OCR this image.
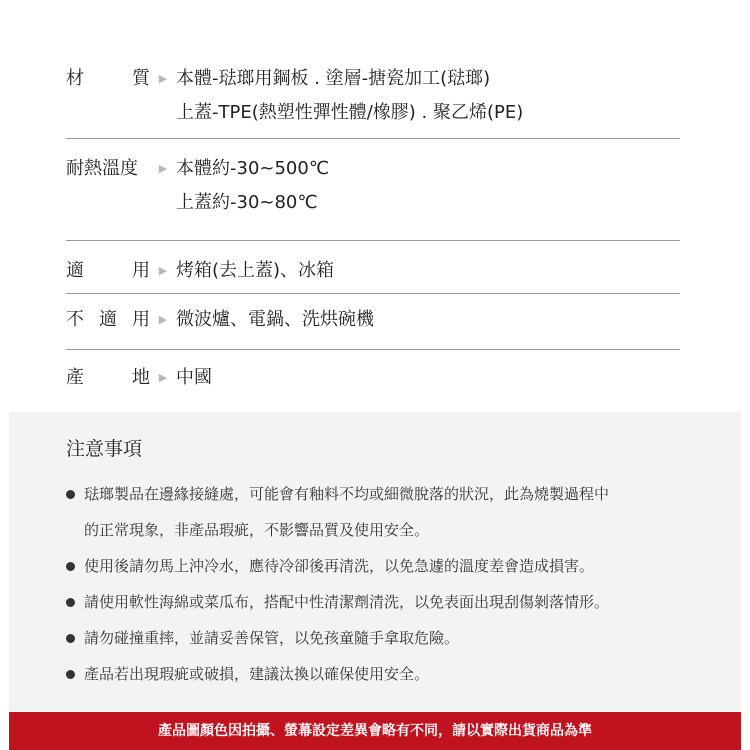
材	質 ▶ 本體-琺瑯用鋼板 . 塗層-搪瓷加工(琺瑯)
上蓋-TPE(熱塑性彈性體/橡膠) . 聚乙烯(PE)
耐熱溫度	▶ 本體約-30~500℃
上蓋約-30~80℃
適	用 ▶ 烤箱(去上蓋)、冰箱
不 適 用 ▶ 微波爐、電鍋、洗烘碗機
產	地 ▶ 中國
注意事項
琺瑯製品在邊緣接縫處，可能會有釉料不均或細微脫落的狀況，此為燒製過程中
的正常現象，非產品瑕疵，不影響品質及使用安全。
使用後請勿馬上沖冷水，應待冷卻後再清洗，以免急遽的溫度差會造成損害。
請使用軟性海綿或菜瓜布，搭配中性清潔劑清洗，以免表面出現刮傷剝落情形。
請勿碰撞重摔，並請妥善保管，以免孩童隨手拿取危險。
產品若出現瑕疵或破損，建議汰換以確保使用安全。
產品圖顏色因拍攝、螢幕設定差異會略有不同，請以實際出貨商品為準
